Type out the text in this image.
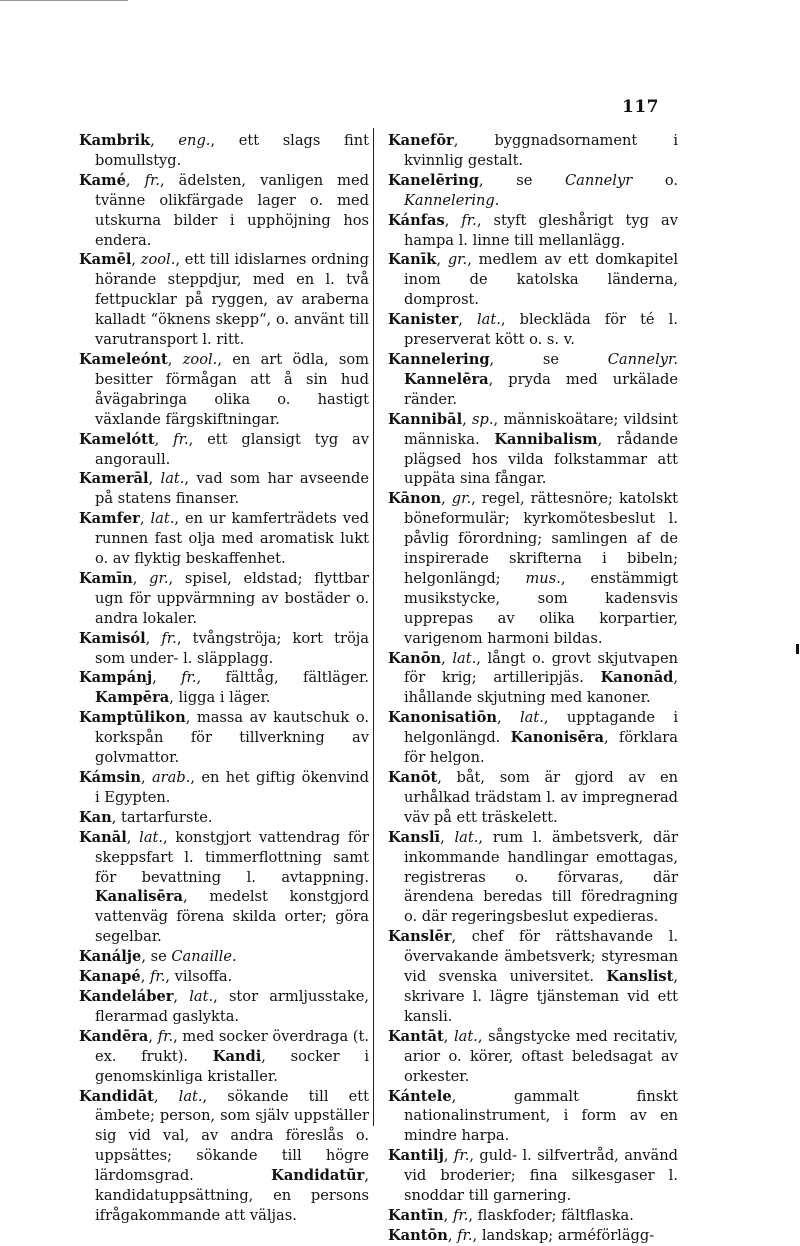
117

Kambrik, eng., ett slags fint bomullstyg.

Kamé, fr., ädelsten, vanligen med tvänne olikfärgade lager o. med utskurna bilder i upphöjning hos endera.

Kamēl, zool., ett till idislarnes ordning hörande steppdjur, med en l. två fettpucklar på ryggen, av araberna kalladt “öknens skepp“, o. använt till varutransport l. ritt.

Kameleónt, zool., en art ödla, som besitter förmågan att å sin hud åvägabringa olika o. hastigt växlande färgskiftningar.

Kamelótt, fr., ett glansigt tyg av angoraull.

Kamerāl, lat., vad som har avseende på statens finanser.

Kamfer, lat., en ur kamferträdets ved runnen fast olja med aromatisk lukt o. av flyktig beskaffenhet.

Kamīn, gr., spisel, eldstad; flyttbar ugn för uppvärmning av bostäder o. andra lokaler.

Kamisól, fr., tvångströja; kort tröja som under- l. släpplagg.

Kampánj, fr., fälttåg, fältläger. Kampēra, ligga i läger.

Kamptūlikon, massa av kautschuk o. korkspån för tillverkning av golvmattor.

Kámsin, arab., en het giftig ökenvind i Egypten.

Kan, tartarfurste.

Kanāl, lat., konstgjort vattendrag för skeppsfart l. timmerflottning samt för bevattning l. avtappning. Kanalisēra, medelst konstgjord vattenväg förena skilda orter; göra segelbar.

Kanálje, se Canaille.

Kanapé, fr., vilsoffa.

Kandeláber, lat., stor armljusstake, flerarmad gaslykta.

Kandēra, fr., med socker överdraga (t. ex. frukt). Kandi, socker i genomskinliga kristaller.

Kandidāt, lat., sökande till ett ämbete; person, som själv uppställer sig vid val, av andra föreslås o. uppsättes; sökande till högre lärdomsgrad. Kandidatūr, kandidatuppsättning, en persons ifrågakommande att väljas.

Kanefōr, byggnadsornament i kvinnlig gestalt.

Kanelēring, se Cannelyr o. Kannelering.

Kánfas, fr., styft gleshårigt tyg av hampa l. linne till mellanlägg.

Kanīk, gr., medlem av ett domkapitel inom de katolska länderna, domprost.

Kanister, lat., bleckläda för té l. preserverat kött o. s. v.

Kannelering, se Cannelyr. Kannelēra, pryda med urkälade ränder.

Kannibāl, sp., människoätare; vildsint människa. Kannibalism, rådande plägsed hos vilda folkstammar att uppäta sina fångar.

Kānon, gr., regel, rättesnöre; katolskt böneformulär; kyrkomötesbeslut l. påvlig förordning; samlingen af de inspirerade skrifterna i bibeln; helgonlängd; mus., enstämmigt musikstycke, som kadensvis upprepas av olika korpartier, varigenom harmoni bildas.

Kanōn, lat., långt o. grovt skjutvapen för krig; artilleripjäs. Kanonād, ihållande skjutning med kanoner.

Kanonisatiōn, lat., upptagande i helgonlängd. Kanonisēra, förklara för helgon.

Kanōt, båt, som är gjord av en urhålkad trädstam l. av impregnerad väv på ett träskelett.

Kanslī, lat., rum l. ämbetsverk, där inkommande handlingar emottagas, registreras o. förvaras, där ärendena beredas till föredragning o. där regeringsbeslut expedieras.

Kanslēr, chef för rättshavande l. övervakande ämbetsverk; styresman vid svenska universitet. Kanslist, skrivare l. lägre tjänsteman vid ett kansli.

Kantāt, lat., sångstycke med recitativ, arior o. körer, oftast beledsagat av orkester.

Kántele, gammalt finskt nationalinstrument, i form av en mindre harpa.

Kantilj, fr., guld- l. silfvertråd, använd vid broderier; fina silkesgaser l. snoddar till garnering.

Kantīn, fr., flaskfoder; fältflaska.

Kantōn, fr., landskap; arméförlägg-
